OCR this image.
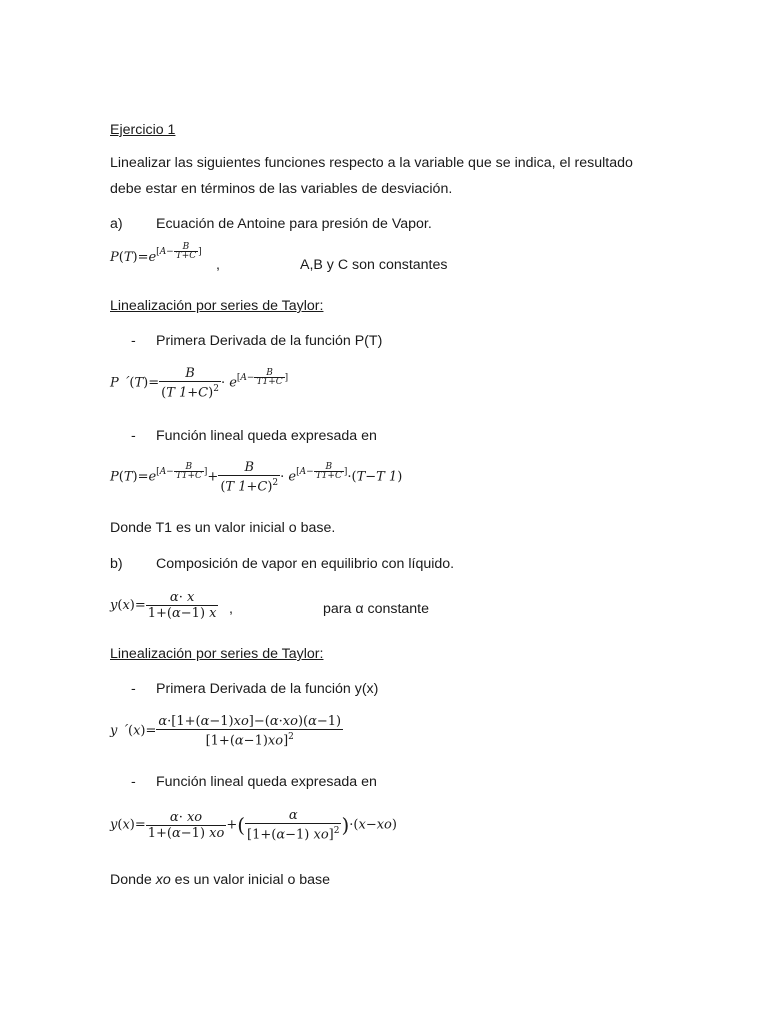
Ejercicio 1
Linealizar las siguientes funciones respecto a la variable que se indica, el resultado
debe estar en términos de las variables de desviación.
a) Ecuación de Antoine para presión de Vapor.
P(T)=e[A− B
T+C ]
,	A,B y C son constantes
Linealización por series de Taylor:
- Primera Derivada de la función P(T)
P ´(T)= $\frac{B}{(T 1+C)^2} \cdot e[A- B T1+C ]$
- Función lineal queda expresada en
$P(T)=e[A- B T1+C ]+ \frac{B}{(T 1+C)^2} \cdot e[A- B T1+C ]\cdot(T-T$ 1)
Donde T1 es un valor inicial o base.
b) Composición de vapor en equilibrio con líquido.
$y(x)= \frac{\alpha\cdot x}{1+(\alpha-1) x}$ ,	para α constante
Linealización por series de Taylor:
- Primera Derivada de la función y(x)
y ´(x)= $\frac{\alpha\cdot[1+(\alpha-1)xo]-(\alpha\cdot xo)(\alpha-1)}{[1+(\alpha-1)xo]^2}$
- Función lineal queda expresada en
$y(x)= \frac{\alpha\cdot xo}{1+(\alpha-1) xo}$ +( $\frac{\alpha}{[1+(\alpha-1) xo]^2} )\cdot(x-xo)$
Donde xo es un valor inicial o base
